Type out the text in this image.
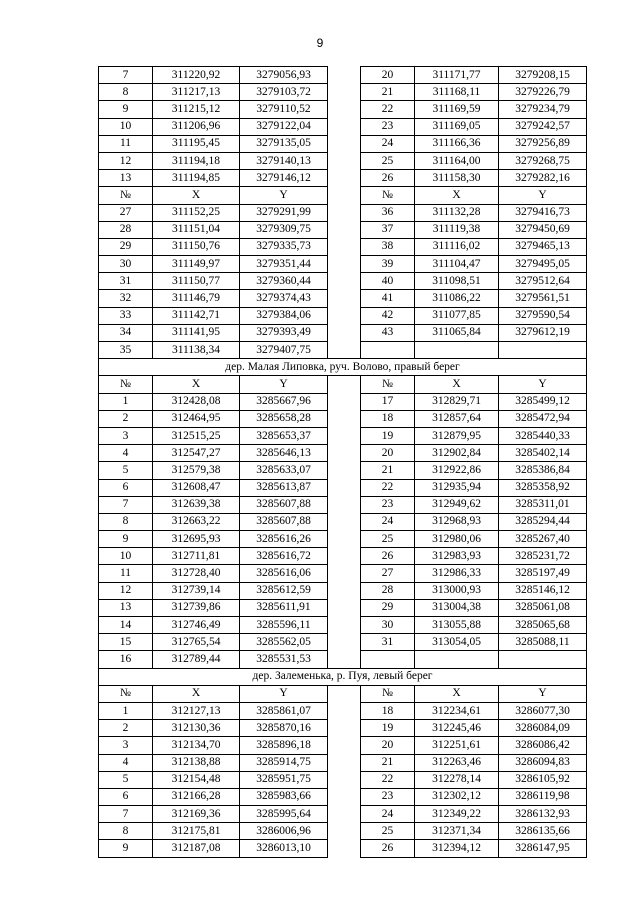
9
7	311220,92	3279056,93		20	311171,77	3279208,15
8	311217,13	3279103,72		21	311168,11	3279226,79
9	311215,12	3279110,52		22	311169,59	3279234,79
10	311206,96	3279122,04		23	311169,05	3279242,57
11	311195,45	3279135,05		24	311166,36	3279256,89
12	311194,18	3279140,13		25	311164,00	3279268,75
13	311194,85	3279146,12		26	311158,30	3279282,16
№	X	Y		№	X	Y
27	311152,25	3279291,99		36	311132,28	3279416,73
28	311151,04	3279309,75		37	311119,38	3279450,69
29	311150,76	3279335,73		38	311116,02	3279465,13
30	311149,97	3279351,44		39	311104,47	3279495,05
31	311150,77	3279360,44		40	311098,51	3279512,64
32	311146,79	3279374,43		41	311086,22	3279561,51
33	311142,71	3279384,06		42	311077,85	3279590,54
34	311141,95	3279393,49		43	311065,84	3279612,19
35	311138,34	3279407,75				
дер. Малая Липовка, руч. Волово, правый берег						
№	X	Y		№	X	Y
1	312428,08	3285667,96		17	312829,71	3285499,12
2	312464,95	3285658,28		18	312857,64	3285472,94
3	312515,25	3285653,37		19	312879,95	3285440,33
4	312547,27	3285646,13		20	312902,84	3285402,14
5	312579,38	3285633,07		21	312922,86	3285386,84
6	312608,47	3285613,87		22	312935,94	3285358,92
7	312639,38	3285607,88		23	312949,62	3285311,01
8	312663,22	3285607,88		24	312968,93	3285294,44
9	312695,93	3285616,26		25	312980,06	3285267,40
10	312711,81	3285616,72		26	312983,93	3285231,72
11	312728,40	3285616,06		27	312986,33	3285197,49
12	312739,14	3285612,59		28	313000,93	3285146,12
13	312739,86	3285611,91		29	313004,38	3285061,08
14	312746,49	3285596,11		30	313055,88	3285065,68
15	312765,54	3285562,05		31	313054,05	3285088,11
16	312789,44	3285531,53				
дер. Залеменька, р. Пуя, левый берег						
№	X	Y		№	X	Y
1	312127,13	3285861,07		18	312234,61	3286077,30
2	312130,36	3285870,16		19	312245,46	3286084,09
3	312134,70	3285896,18		20	312251,61	3286086,42
4	312138,88	3285914,75		21	312263,46	3286094,83
5	312154,48	3285951,75		22	312278,14	3286105,92
6	312166,28	3285983,66		23	312302,12	3286119,98
7	312169,36	3285995,64		24	312349,22	3286132,93
8	312175,81	3286006,96		25	312371,34	3286135,66
9	312187,08	3286013,10		26	312394,12	3286147,95
